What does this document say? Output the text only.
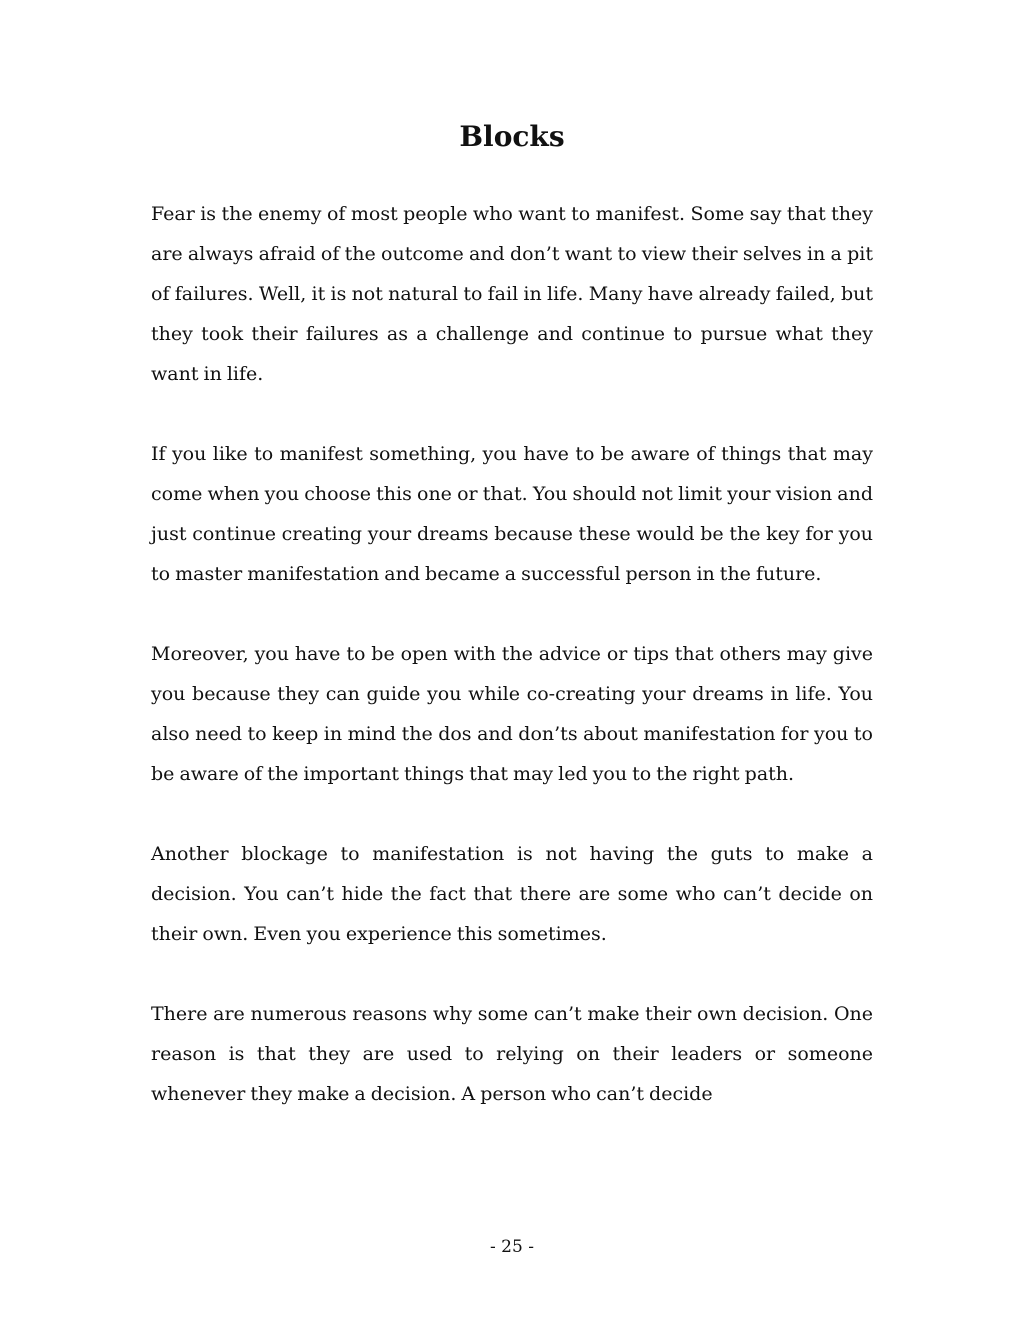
Blocks

Fear is the enemy of most people who want to manifest. Some say that they are always afraid of the outcome and don’t want to view their selves in a pit of failures. Well, it is not natural to fail in life. Many have already failed, but they took their failures as a challenge and continue to pursue what they want in life.

If you like to manifest something, you have to be aware of things that may come when you choose this one or that. You should not limit your vision and just continue creating your dreams because these would be the key for you to master manifestation and became a successful person in the future.

Moreover, you have to be open with the advice or tips that others may give you because they can guide you while co-creating your dreams in life. You also need to keep in mind the dos and don’ts about manifestation for you to be aware of the important things that may led you to the right path.

Another blockage to manifestation is not having the guts to make a decision. You can’t hide the fact that there are some who can’t decide on their own. Even you experience this sometimes.

There are numerous reasons why some can’t make their own decision. One reason is that they are used to relying on their leaders or someone whenever they make a decision. A person who can’t decide

- 25 -
